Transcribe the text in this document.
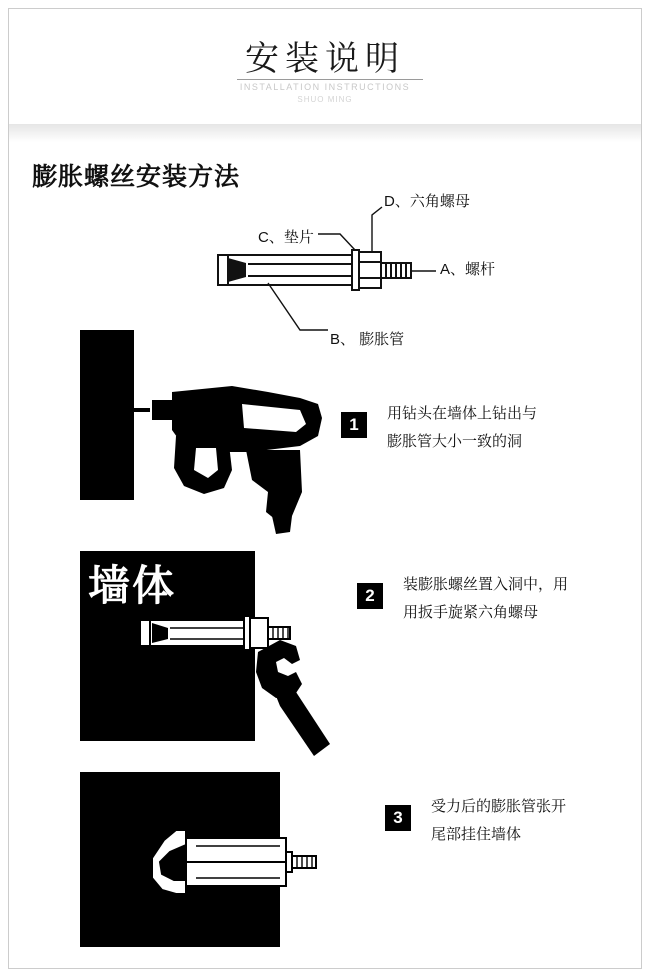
安装说明
INSTALLATION INSTRUCTIONS
SHUO MING
膨胀螺丝安装方法
D、六角螺母
C、垫片
A、螺杆
B、 膨胀管
墙体
1
用钻头在墙体上钻出与
膨胀管大小一致的洞
2
装膨胀螺丝置入洞中，用
用扳手旋紧六角螺母
3
受力后的膨胀管张开
尾部挂住墙体
